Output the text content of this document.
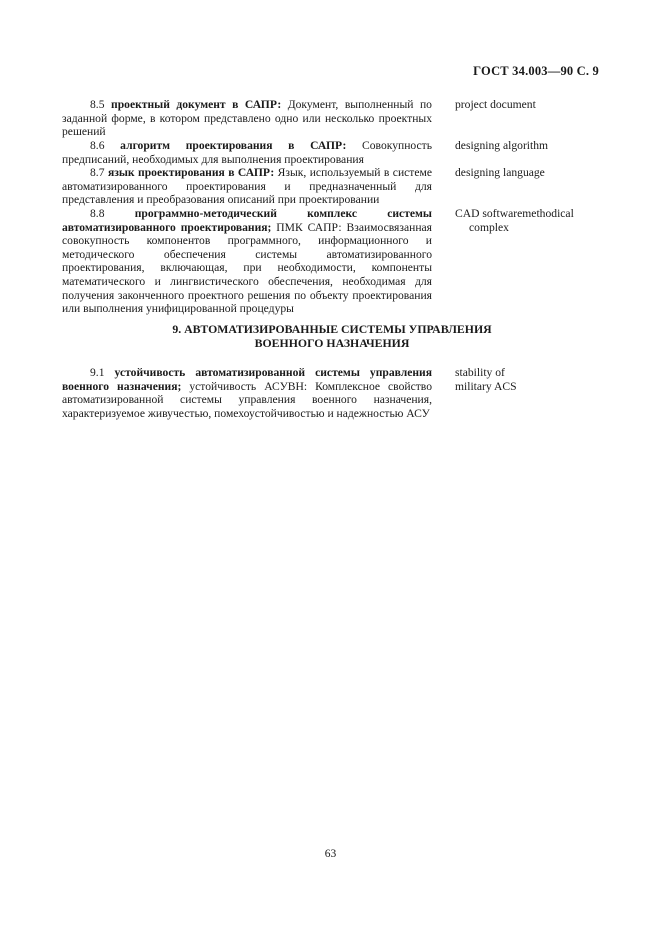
ГОСТ 34.003—90 С. 9
8.5 проектный документ в САПР: Документ, выполненный по заданной форме, в котором представлено одно или несколько проектных решений
project document
8.6 алгоритм проектирования в САПР: Совокупность предписаний, необходимых для выполнения проектирования
designing algorithm
8.7 язык проектирования в САПР: Язык, используемый в системе автоматизированного проектирования и предназначенный для представления и преобразования описаний при проектировании
designing language
8.8	программно-методический комплекс системы автоматизированного проектирования; ПМК САПР: Взаимосвязанная совокупность компонентов программного, информационного и методического обеспечения системы автоматизированного проектирования, включающая, при необходимости, компоненты математического и лингвистического обеспечения, необходимая для получения законченного проектного решения по объекту проектирования или выполнения унифицированной процедуры
CAD softwaremethodical
complex
9. АВТОМАТИЗИРОВАННЫЕ СИСТЕМЫ УПРАВЛЕНИЯ
ВОЕННОГО НАЗНАЧЕНИЯ
9.1 устойчивость автоматизированной системы управления военного назначения; устойчивость АСУВН: Комплексное свойство автоматизированной системы управления военного назначения, характеризуемое живучестью, помехоустойчивостью и надежностью АСУ
stability of
military ACS
63
